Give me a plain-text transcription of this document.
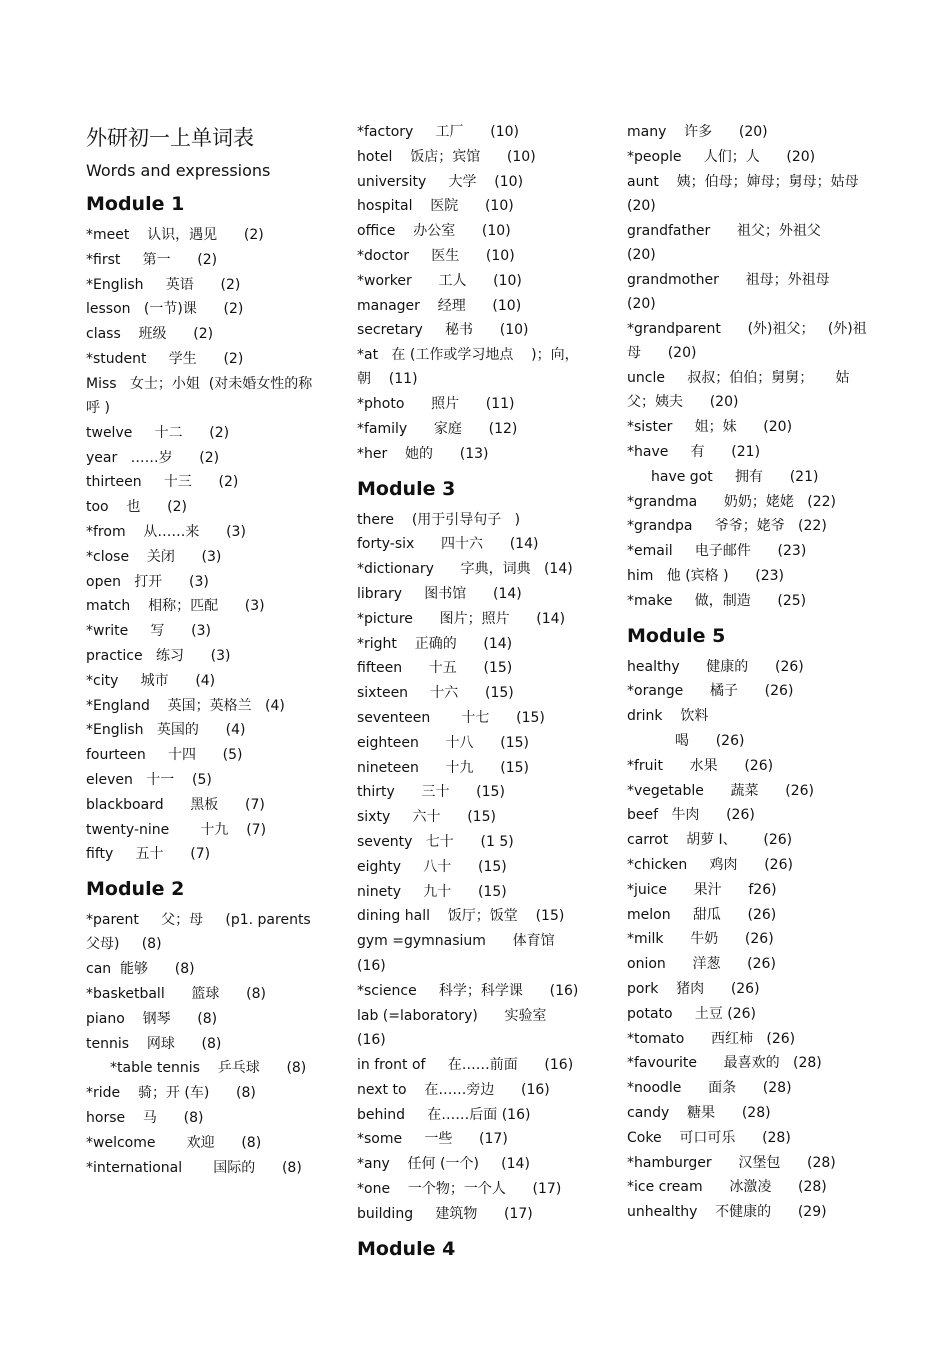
外研初一上单词表
Words and expressions
Module 1
*meet    认识，遇见      (2)
*first     第一      (2)
*English     英语      (2)
lesson   (一节)课      (2)
class    班级      (2)
*student     学生      (2)
Miss   女士；小姐  (对未婚女性的称呼 )
twelve     十二      (2)
year   ……岁      (2)
thirteen     十三      (2)
too    也      (2)
*from    从……来      (3)
*close    关闭      (3)
open   打开      (3)
match    相称；匹配      (3)
*write     写      (3)
practice   练习      (3)
*city     城市      (4)
*England    英国；英格兰   (4)
*English   英国的      (4)
fourteen     十四      (5)
eleven   十一    (5)
blackboard      黑板      (7)
twenty-nine       十九    (7)
fifty     五十      (7)
Module 2
*parent     父；母     (p1. parents  父母)     (8)
can  能够      (8)
*basketball      篮球      (8)
piano    钢琴      (8)
tennis    网球      (8)
*table tennis    乒乓球      (8)
*ride    骑；开 (车)      (8)
horse    马      (8)
*welcome       欢迎      (8)
*international       国际的      (8)
*factory     工厂      (10)
hotel    饭店；宾馆      (10)
university     大学    (10)
hospital    医院      (10)
office    办公室      (10)
*doctor     医生      (10)
*worker      工人      (10)
manager    经理      (10)
secretary     秘书      (10)
*at   在 (工作或学习地点    )；向，朝    (11)
*photo      照片      (11)
*family      家庭      (12)
*her    她的      (13)
Module 3
there    (用于引导句子   )
forty-six      四十六      (14)
*dictionary      字典，词典   (14)
library     图书馆      (14)
*picture      图片；照片      (14)
*right    正确的      (14)
fifteen      十五      (15)
sixteen     十六      (15)
seventeen       十七      (15)
eighteen      十八      (15)
nineteen      十九      (15)
thirty      三十      (15)
sixty     六十      (15)
seventy   七十      (1 5)
eighty     八十      (15)
ninety     九十      (15)
dining hall    饭厅；饭堂    (15)
gym =gymnasium      体育馆      (16)
*science     科学；科学课      (16)
lab (=laboratory)      实验室      (16)
in front of     在……前面      (16)
next to    在……旁边      (16)
behind     在……后面 (16)
*some     一些      (17)
*any    任何 (一个)     (14)
*one    一个物；一个人      (17)
building     建筑物      (17)
Module 4
many    许多      (20)
*people     人们；人      (20)
aunt    姨；伯母；婶母；舅母；姑母      (20)
grandfather      祖父；外祖父      (20)
grandmother      祖母；外祖母      (20)
*grandparent      (外)祖父；   (外)祖母      (20)
uncle     叔叔；伯伯；舅舅；     姑父；姨夫      (20)
*sister     姐；妹      (20)
*have     有      (21)
have got     拥有      (21)
*grandma      奶奶；姥姥   (22)
*grandpa     爷爷；姥爷   (22)
*email     电子邮件      (23)
him   他 (宾格 )      (23)
*make     做，制造      (25)
Module 5
healthy      健康的      (26)
*orange      橘子      (26)
drink    饮料
喝      (26)
*fruit      水果      (26)
*vegetable      蔬菜      (26)
beef   牛肉      (26)
carrot    胡萝 I、      (26)
*chicken     鸡肉      (26)
*juice      果汁      f26)
melon     甜瓜      (26)
*milk      牛奶      (26)
onion      洋葱      (26)
pork    猪肉      (26)
potato     土豆 (26)
*tomato      西红柿   (26)
*favourite      最喜欢的   (28)
*noodle      面条      (28)
candy    糖果      (28)
Coke    可口可乐      (28)
*hamburger      汉堡包      (28)
*ice cream      冰激凌      (28)
unhealthy    不健康的      (29)
